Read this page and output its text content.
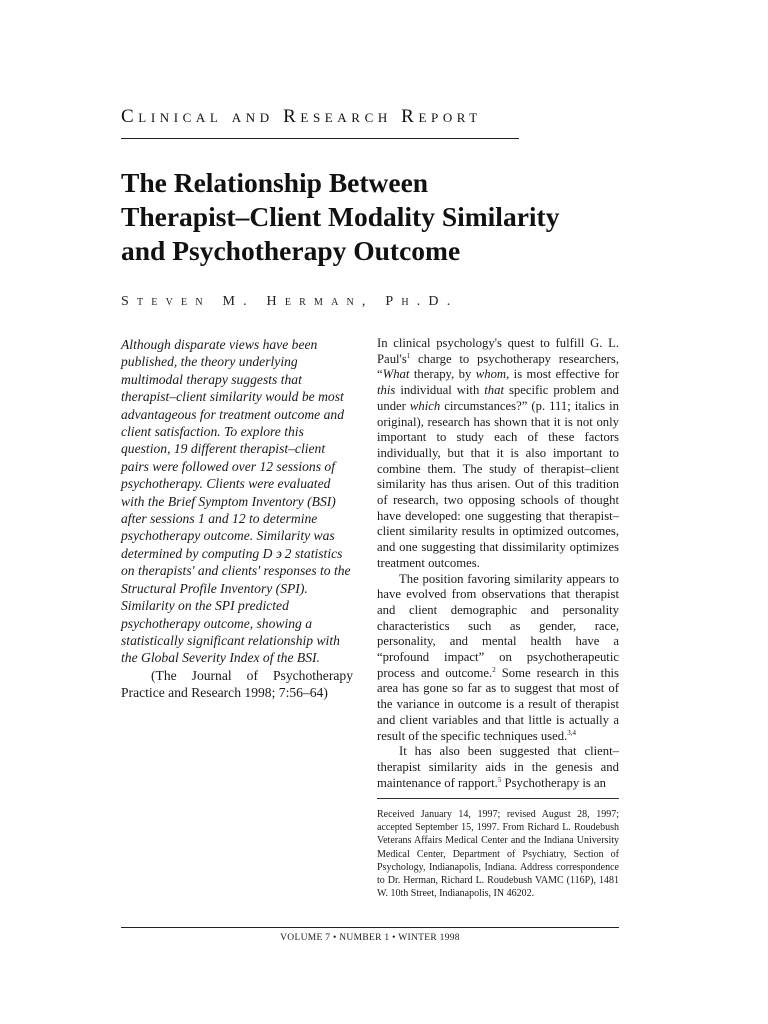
Clinical and Research Report
The Relationship Between
Therapist–Client Modality Similarity
and Psychotherapy Outcome
Steven M. Herman, Ph.D.

Although disparate views have been published, the theory underlying multimodal therapy suggests that therapist–client similarity would be most advantageous for treatment outcome and client satisfaction. To explore this question, 19 different therapist–client pairs were followed over 12 sessions of psychotherapy. Clients were evaluated with the Brief Symptom Inventory (BSI) after sessions 1 and 12 to determine psychotherapy outcome. Similarity was determined by computing D ϶ 2 statistics on therapists' and clients' responses to the Structural Profile Inventory (SPI). Similarity on the SPI predicted psychotherapy outcome, showing a statistically significant relationship with the Global Severity Index of the BSI.

(The Journal of Psychotherapy Practice and Research 1998; 7:56–64)

In clinical psychology's quest to fulfill G. L. $Paul's^1$ charge to psychotherapy researchers, “What therapy, by whom, is most effective for this individual with that specific problem and under which circumstances?” (p. 111; italics in original), research has shown that it is not only important to study each of these factors individually, but that it is also important to combine them. The study of therapist–client similarity has thus arisen. Out of this tradition of research, two opposing schools of thought have developed: one suggesting that therapist–client similarity results in optimized outcomes, and one suggesting that dissimilarity optimizes treatment outcomes.

The position favoring similarity appears to have evolved from observations that therapist and client demographic and personality characteristics such as gender, race, personality, and mental health have a “profound impact” on psychotherapeutic process and outcome.$^2$ Some research in this area has gone so far as to suggest that most of the variance in outcome is a result of therapist and client variables and that little is actually a result of the specific techniques used.$^{3,4}$

It has also been suggested that client–therapist similarity aids in the genesis and maintenance of rapport.$^5$ Psychotherapy is an

Received January 14, 1997; revised August 28, 1997; accepted September 15, 1997. From Richard L. Roudebush Veterans Affairs Medical Center and the Indiana University Medical Center, Department of Psychiatry, Section of Psychology, Indianapolis, Indiana. Address correspondence to Dr. Herman, Richard L. Roudebush VAMC (116P), 1481 W. 10th Street, Indianapolis, IN 46202.

VOLUME 7 • NUMBER 1 • WINTER 1998
